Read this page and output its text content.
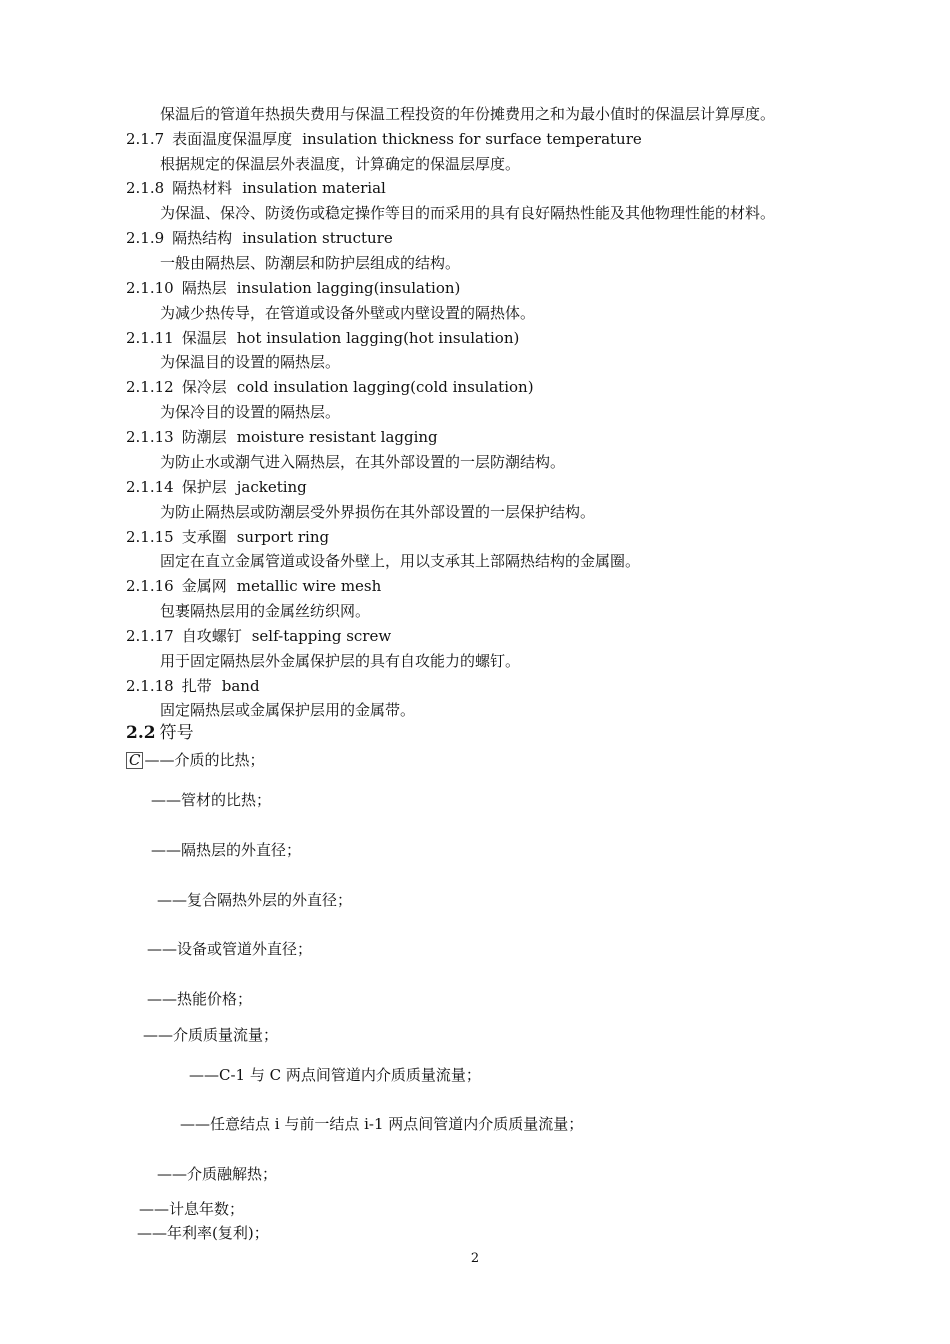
保温后的管道年热损失费用与保温工程投资的年份摊费用之和为最小值时的保温层计算厚度。
2.1.7 表面温度保温厚度 insulation thickness for surface temperature
根据规定的保温层外表温度，计算确定的保温层厚度。
2.1.8 隔热材料 insulation material
为保温、保冷、防烫伤或稳定操作等目的而采用的具有良好隔热性能及其他物理性能的材料。
2.1.9 隔热结构 insulation structure
一般由隔热层、防潮层和防护层组成的结构。
2.1.10 隔热层 insulation lagging(insulation)
为减少热传导，在管道或设备外壁或内壁设置的隔热体。
2.1.11 保温层 hot insulation lagging(hot insulation)
为保温目的设置的隔热层。
2.1.12 保冷层 cold insulation lagging(cold insulation)
为保冷目的设置的隔热层。
2.1.13 防潮层 moisture resistant lagging
为防止水或潮气进入隔热层，在其外部设置的一层防潮结构。
2.1.14 保护层 jacketing
为防止隔热层或防潮层受外界损伤在其外部设置的一层保护结构。
2.1.15 支承圈 surport ring
固定在直立金属管道或设备外壁上，用以支承其上部隔热结构的金属圈。
2.1.16 金属网 metallic wire mesh
包裹隔热层用的金属丝纺织网。
2.1.17 自攻螺钉 self-tapping screw
用于固定隔热层外金属保护层的具有自攻能力的螺钉。
2.1.18 扎带 band
固定隔热层或金属保护层用的金属带。
2.2 符号
C ——介质的比热；
——管材的比热；
——隔热层的外直径；
——复合隔热外层的外直径；
——设备或管道外直径；
——热能价格；
——介质质量流量；
——C-1 与 C 两点间管道内介质质量流量；
——任意结点 i 与前一结点 i-1 两点间管道内介质质量流量；
——介质融解热；
——计息年数；
——年利率(复利)；
2
